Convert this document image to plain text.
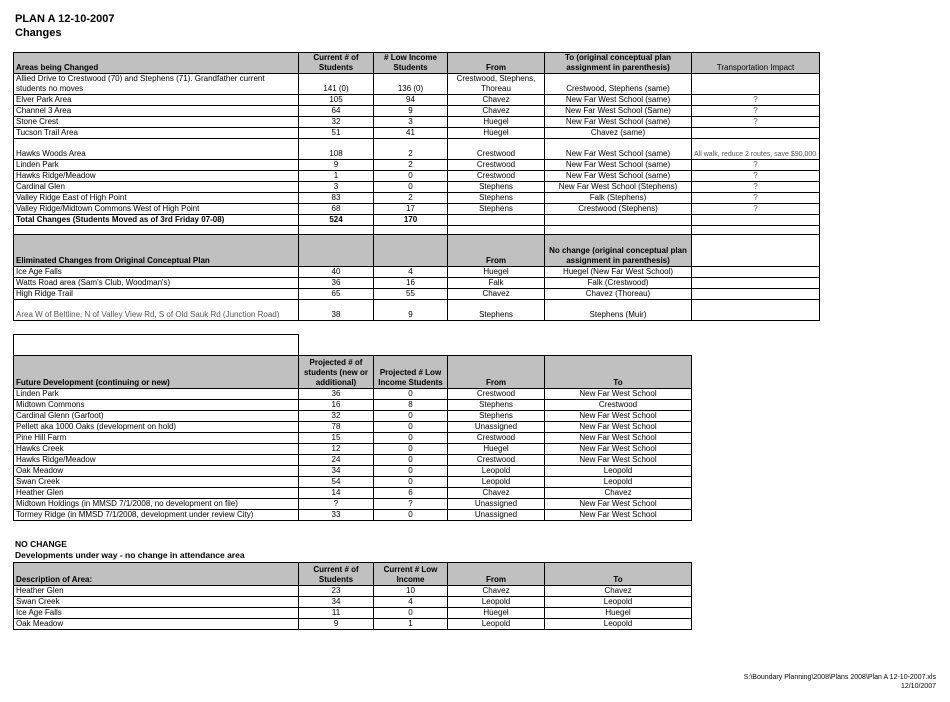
PLAN A 12-10-2007
Changes
Areas being Changed	Current # of Students	# Low Income Students	From	To (original conceptual plan assignment in parenthesis)	Transportation Impact
Allied Drive to Crestwood (70) and Stephens (71). Grandfather current students no moves	141 (0)	136 (0)	Crestwood, Stephens, Thoreau	Crestwood, Stephens (same)	
Elver Park Area	105	94	Chavez	New Far West School (same)	?
Channel 3 Area	64	9	Chavez	New Far West School (Same)	?
Stone Crest	32	3	Huegel	New Far West School (same)	?
Tucson Trail Area	51	41	Huegel	Chavez (same)	
Hawks Woods Area	108	2	Crestwood	New Far West School (same)	All walk, reduce 2 routes, save $90,000
Linden Park	9	2	Crestwood	New Far West School (same)	?
Hawks Ridge/Meadow	1	0	Crestwood	New Far West School (same)	?
Cardinal Glen	3	0	Stephens	New Far West School (Stephens)	?
Valley Ridge East of High Point	83	2	Stephens	Falk (Stephens)	?
Valley Ridge/Midtown Commons West of High Point	68	17	Stephens	Crestwood (Stephens)	?
Total Changes (Students Moved as of 3rd Friday 07-08)	524	170			

Eliminated Changes from Original Conceptual Plan			From	No change (original conceptual plan assignment in parenthesis)	
Ice Age Falls	40	4	Huegel	Huegel (New Far West School)	
Watts Road area (Sam's Club, Woodman's)	36	16	Falk	Falk (Crestwood)	
High Ridge Trail	65	55	Chavez	Chavez (Thoreau)	
Area W of Beltline, N of Valley View Rd, S of Old Sauk Rd (Junction Road)	38	9	Stephens	Stephens (Muir)	

Future Development (continuing or new)	Projected # of students (new or additional)	Projected # Low Income Students	From	To
Linden Park	36	0	Crestwood	New Far West School
Midtown Commons	16	8	Stephens	Crestwood
Cardinal Glenn (Garfoot)	32	0	Stephens	New Far West School
Pellett aka 1000 Oaks (development on hold)	78	0	Unassigned	New Far West School
Pine Hill Farm	15	0	Crestwood	New Far West School
Hawks Creek	12	0	Huegel	New Far West School
Hawks Ridge/Meadow	24	0	Crestwood	New Far West School
Oak Meadow	34	0	Leopold	Leopold
Swan Creek	54	0	Leopold	Leopold
Heather Glen	14	6	Chavez	Chavez
Midtown Holdings (in MMSD 7/1/2008, no development on file)	?	?	Unassigned	New Far West School
Tormey Ridge (in MMSD 7/1/2008, development under review City)	33	0	Unassigned	New Far West School
NO CHANGE
Developments under way - no change in attendance area
Description of Area:	Current # of Students	Current # Low Income	From	To
Heather Glen	23	10	Chavez	Chavez
Swan Creek	34	4	Leopold	Leopold
Ice Age Falls	11	0	Huegel	Huegel
Oak Meadow	9	1	Leopold	Leopold
S:\Boundary Planning\2008\Plans 2008\Plan A 12-10-2007.xls
12/10/2007
